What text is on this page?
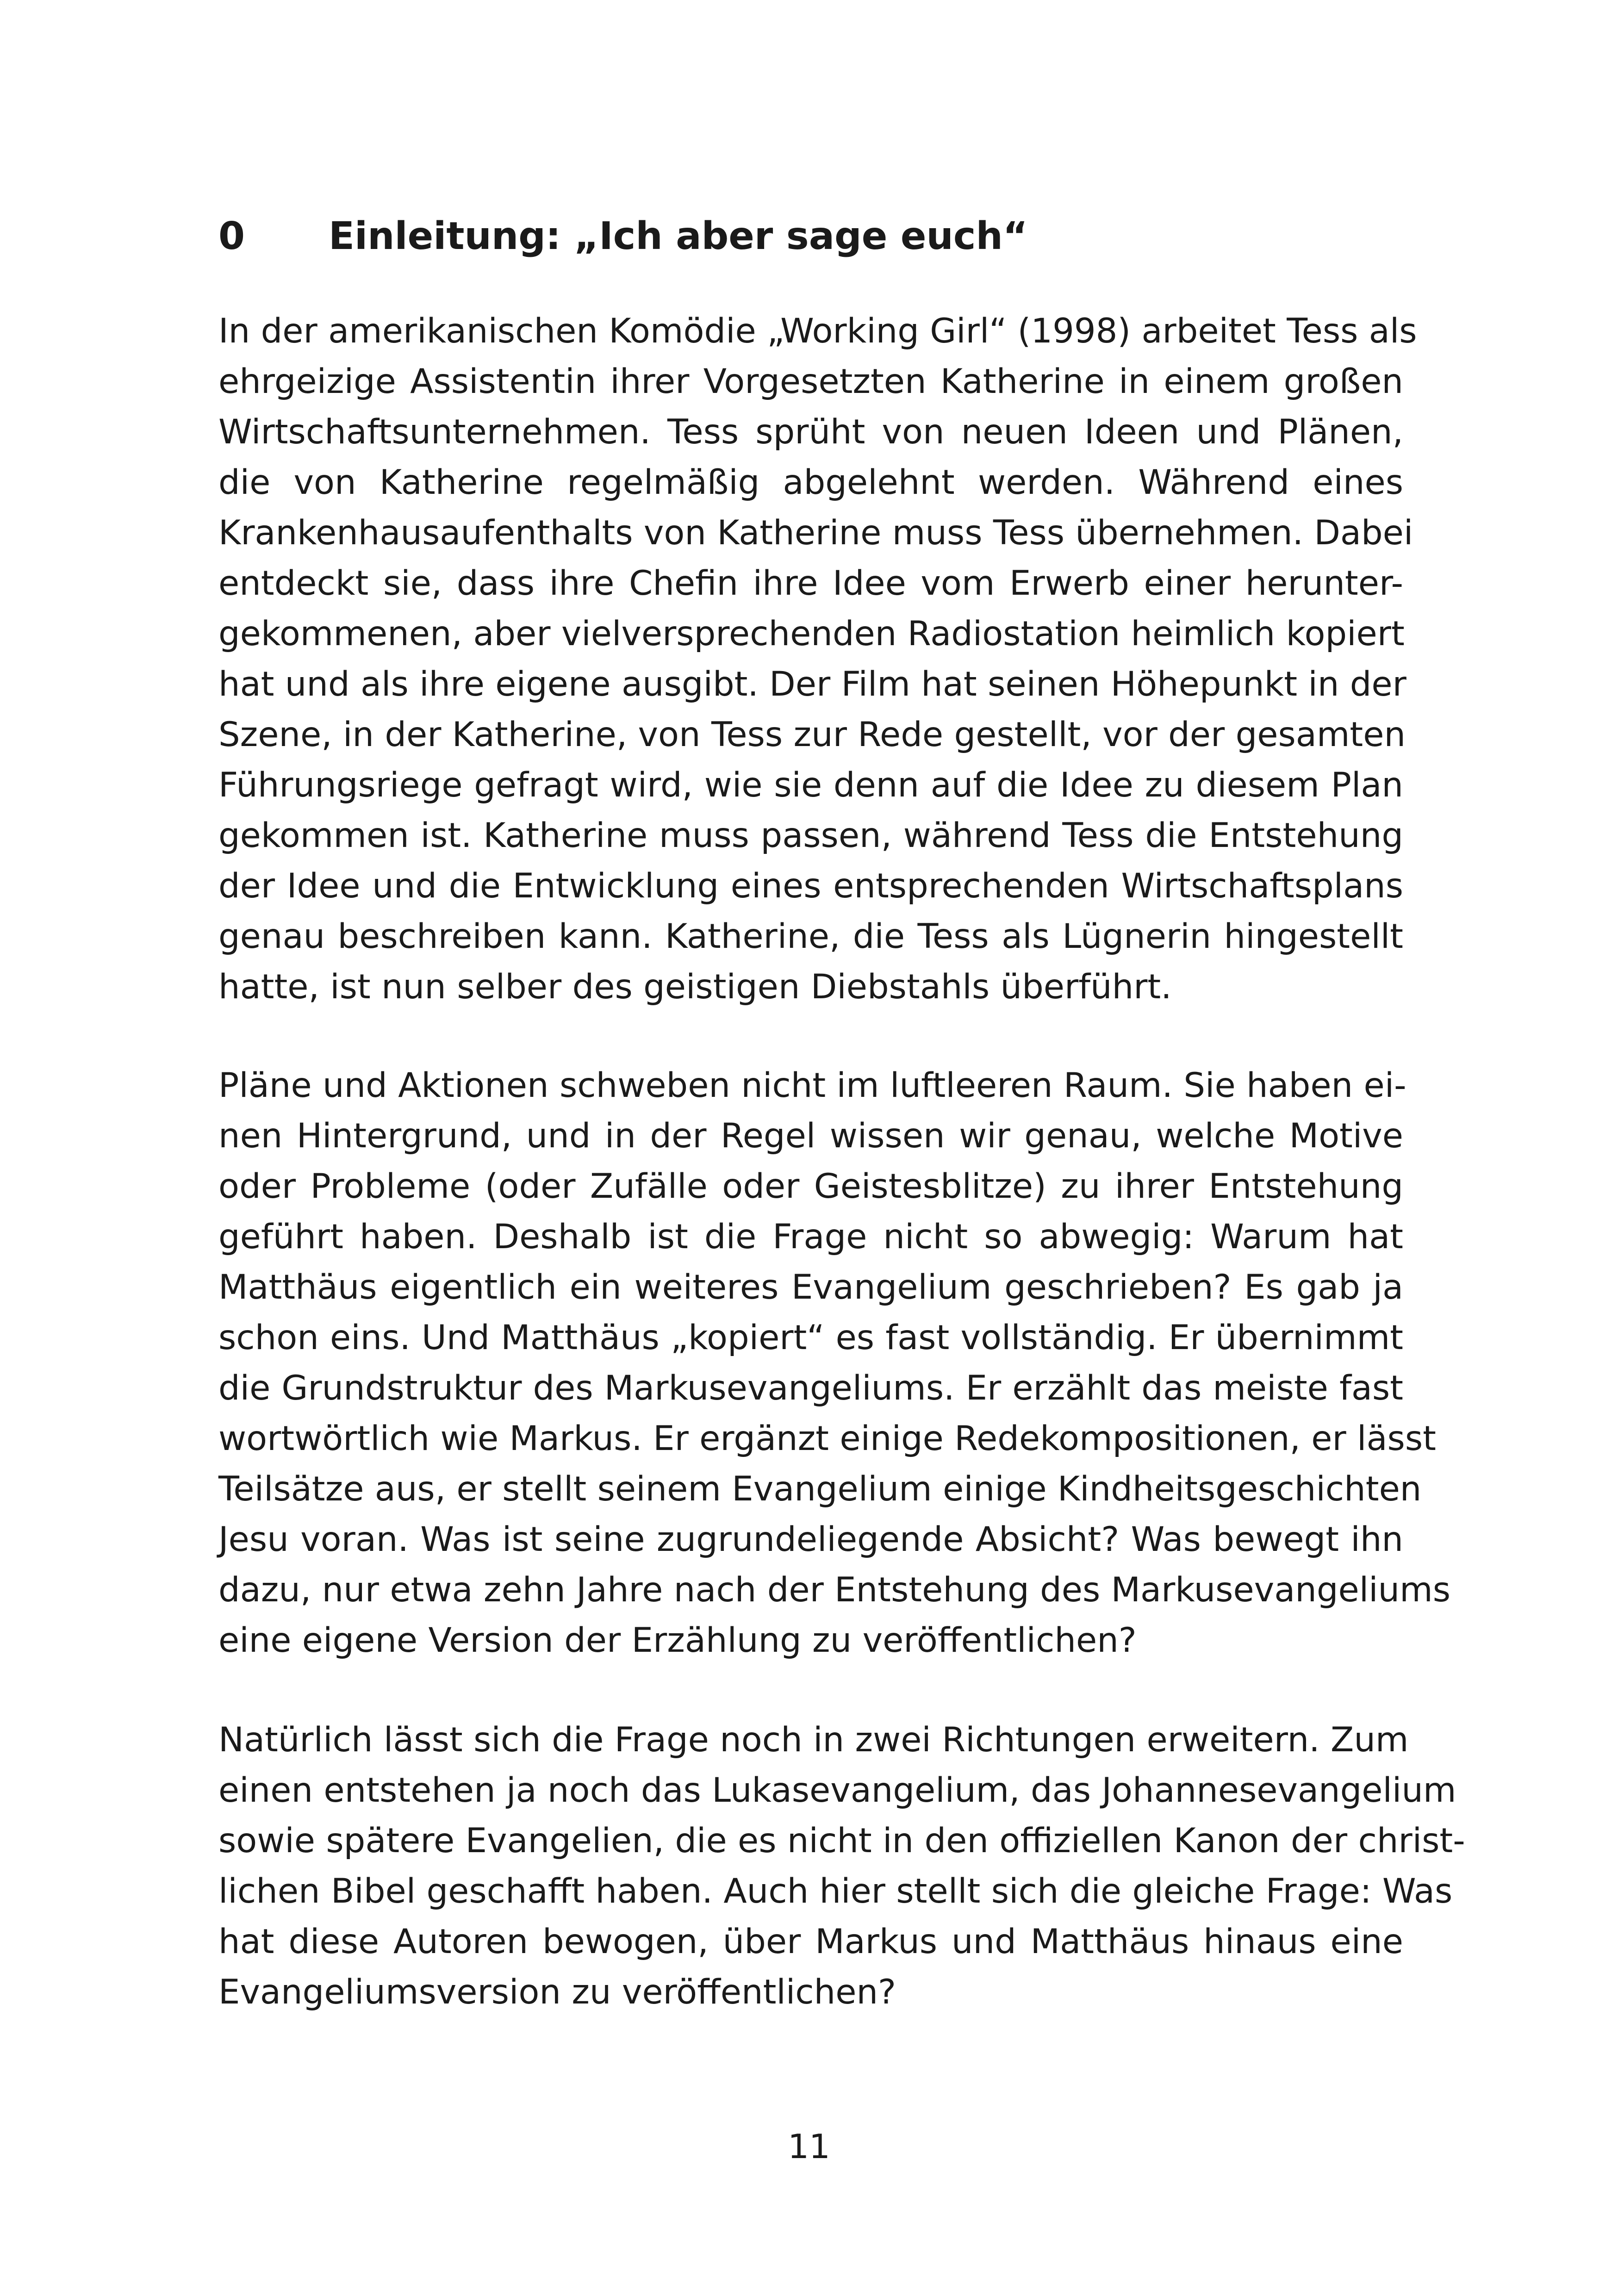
0	Einleitung: „Ich aber sage euch“
In der amerikanischen Komödie „Working Girl“ (1998) arbeitet Tess als
ehrgeizige Assistentin ihrer Vorgesetzten Katherine in einem großen
Wirtschaftsunternehmen. Tess sprüht von neuen Ideen und Plänen,
die von Katherine regelmäßig abgelehnt werden. Während eines
Krankenhausaufenthalts von Katherine muss Tess übernehmen. Dabei
entdeckt sie, dass ihre Chefin ihre Idee vom Erwerb einer herunter-
gekommenen, aber vielversprechenden Radiostation heimlich kopiert
hat und als ihre eigene ausgibt. Der Film hat seinen Höhepunkt in der
Szene, in der Katherine, von Tess zur Rede gestellt, vor der gesamten
Führungsriege gefragt wird, wie sie denn auf die Idee zu diesem Plan
gekommen ist. Katherine muss passen, während Tess die Entstehung
der Idee und die Entwicklung eines entsprechenden Wirtschaftsplans
genau beschreiben kann. Katherine, die Tess als Lügnerin hingestellt
hatte, ist nun selber des geistigen Diebstahls überführt.
Pläne und Aktionen schweben nicht im luftleeren Raum. Sie haben ei-
nen Hintergrund, und in der Regel wissen wir genau, welche Motive
oder Probleme (oder Zufälle oder Geistesblitze) zu ihrer Entstehung
geführt haben. Deshalb ist die Frage nicht so abwegig: Warum hat
Matthäus eigentlich ein weiteres Evangelium geschrieben? Es gab ja
schon eins. Und Matthäus „kopiert“ es fast vollständig. Er übernimmt
die Grundstruktur des Markusevangeliums. Er erzählt das meiste fast
wortwörtlich wie Markus. Er ergänzt einige Redekompositionen, er lässt
Teilsätze aus, er stellt seinem Evangelium einige Kindheitsgeschichten
Jesu voran. Was ist seine zugrundeliegende Absicht? Was bewegt ihn
dazu, nur etwa zehn Jahre nach der Entstehung des Markusevangeliums
eine eigene Version der Erzählung zu veröffentlichen?
Natürlich lässt sich die Frage noch in zwei Richtungen erweitern. Zum
einen entstehen ja noch das Lukasevangelium, das Johannesevangelium
sowie spätere Evangelien, die es nicht in den offiziellen Kanon der christ-
lichen Bibel geschafft haben. Auch hier stellt sich die gleiche Frage: Was
hat diese Autoren bewogen, über Markus und Matthäus hinaus eine
Evangeliumsversion zu veröffentlichen?
11
